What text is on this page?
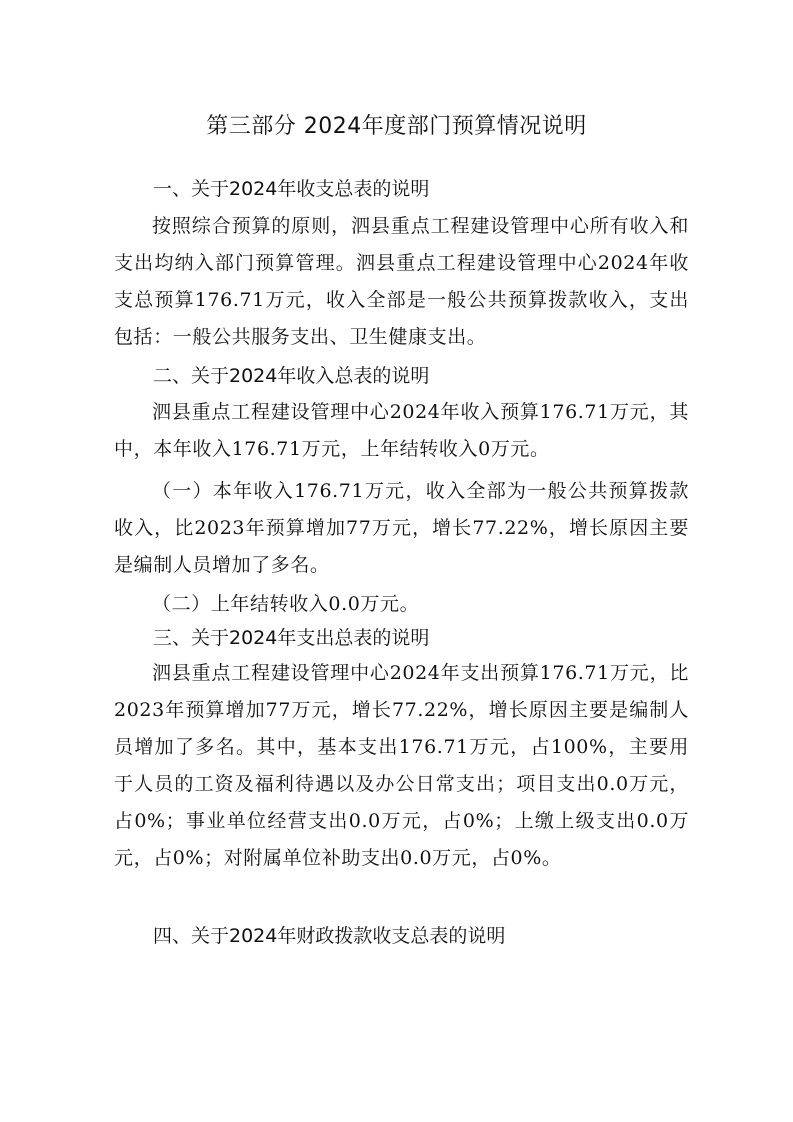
第三部分 2024年度部门预算情况说明
一、关于2024年收支总表的说明

按照综合预算的原则，泗县重点工程建设管理中心所有收入和支出均纳入部门预算管理。泗县重点工程建设管理中心2024年收支总预算176.71万元，收入全部是一般公共预算拨款收入，支出包括：一般公共服务支出、卫生健康支出。

二、关于2024年收入总表的说明

泗县重点工程建设管理中心2024年收入预算176.71万元，其中，本年收入176.71万元，上年结转收入0万元。

（一）本年收入176.71万元，收入全部为一般公共预算拨款收入，比2023年预算增加77万元，增长77.22%，增长原因主要是编制人员增加了多名。

（二）上年结转收入0.0万元。

三、关于2024年支出总表的说明

泗县重点工程建设管理中心2024年支出预算176.71万元，比2023年预算增加77万元，增长77.22%，增长原因主要是编制人员增加了多名。其中，基本支出176.71万元，占100%，主要用于人员的工资及福利待遇以及办公日常支出；项目支出0.0万元，占0%；事业单位经营支出0.0万元，占0%；上缴上级支出0.0万元，占0%；对附属单位补助支出0.0万元，占0%。

四、关于2024年财政拨款收支总表的说明
